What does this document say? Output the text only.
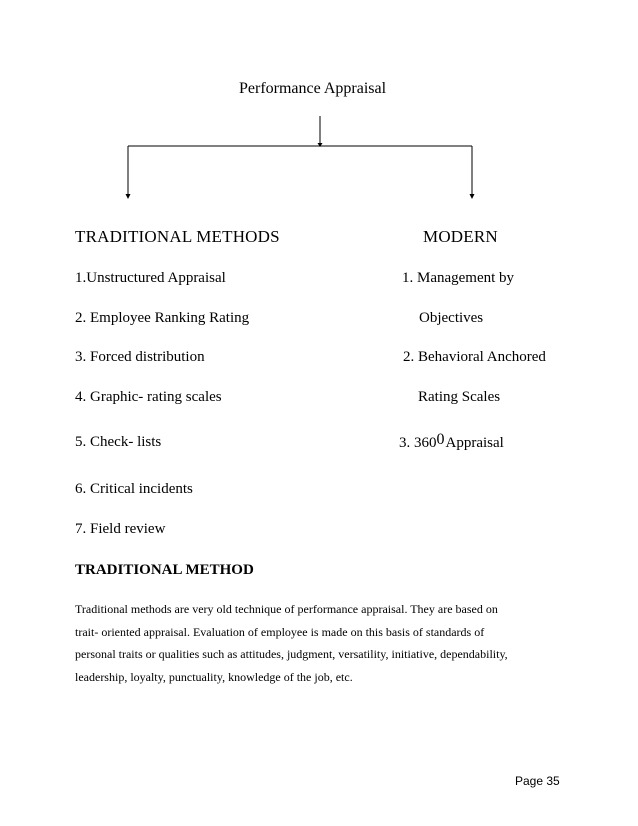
Performance Appraisal
TRADITIONAL METHODS	MODERN
1.Unstructured Appraisal
2. Employee Ranking Rating
3. Forced distribution
4. Graphic- rating scales
5. Check- lists
6. Critical incidents
7. Field review
1. Management by
Objectives
2. Behavioral Anchored
Rating Scales
3. $360^0Appraisal$
TRADITIONAL METHOD
Traditional methods are very old technique of performance appraisal. They are based on
trait- oriented appraisal. Evaluation of employee is made on this basis of standards of
personal traits or qualities such as attitudes, judgment, versatility, initiative, dependability,
leadership, loyalty, punctuality, knowledge of the job, etc.
Page 35
